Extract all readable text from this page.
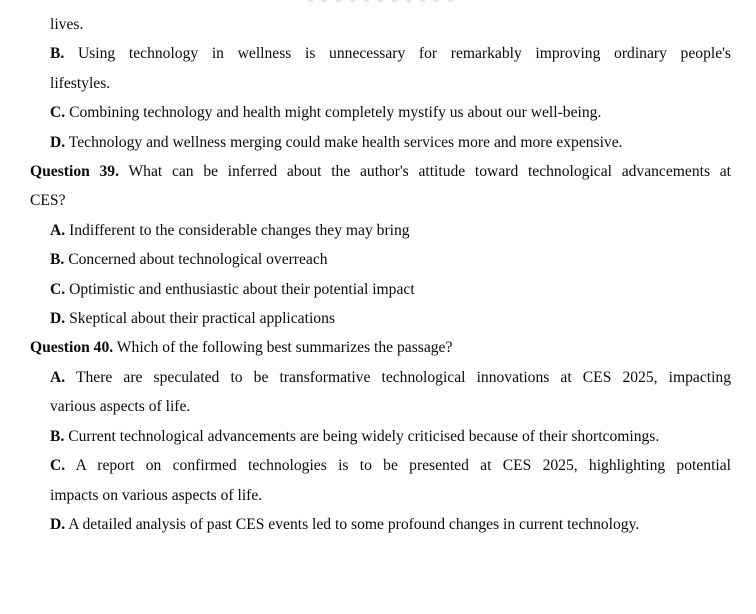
lives.
B. Using technology in wellness is unnecessary for remarkably improving ordinary people's
lifestyles.
C. Combining technology and health might completely mystify us about our well-being.
D. Technology and wellness merging could make health services more and more expensive.
Question 39. What can be inferred about the author's attitude toward technological advancements at
CES?
A. Indifferent to the considerable changes they may bring
B. Concerned about technological overreach
C. Optimistic and enthusiastic about their potential impact
D. Skeptical about their practical applications
Question 40. Which of the following best summarizes the passage?
A. There are speculated to be transformative technological innovations at CES 2025, impacting
various aspects of life.
B. Current technological advancements are being widely criticised because of their shortcomings.
C. A report on confirmed technologies is to be presented at CES 2025, highlighting potential
impacts on various aspects of life.
D. A detailed analysis of past CES events led to some profound changes in current technology.
